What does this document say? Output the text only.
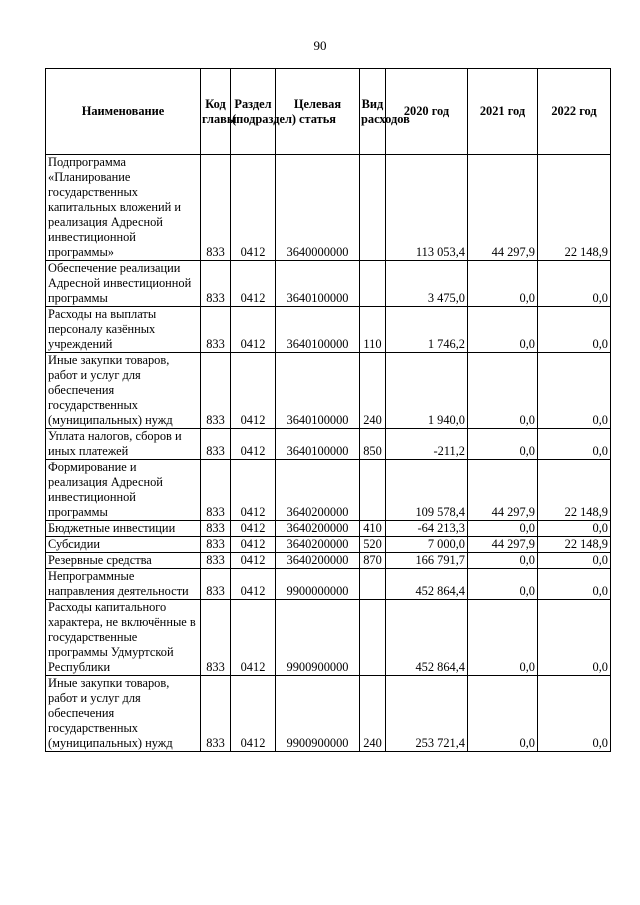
90
Наименование	Код главы	Раздел (подраздел)	Целевая статья	Вид расходов	2020 год	2021 год	2022 год
Подпрограмма «Планирование государственных капитальных вложений и реализация Адресной инвестиционной программы»	833	0412	3640000000		113 053,4	44 297,9	22 148,9
Обеспечение реализации Адресной инвестиционной программы	833	0412	3640100000		3 475,0	0,0	0,0
Расходы на выплаты персоналу казённых учреждений	833	0412	3640100000	110	1 746,2	0,0	0,0
Иные закупки товаров, работ и услуг для обеспечения государственных (муниципальных) нужд	833	0412	3640100000	240	1 940,0	0,0	0,0
Уплата налогов, сборов и иных платежей	833	0412	3640100000	850	-211,2	0,0	0,0
Формирование и реализация Адресной инвестиционной программы	833	0412	3640200000		109 578,4	44 297,9	22 148,9
Бюджетные инвестиции	833	0412	3640200000	410	-64 213,3	0,0	0,0
Субсидии	833	0412	3640200000	520	7 000,0	44 297,9	22 148,9
Резервные средства	833	0412	3640200000	870	166 791,7	0,0	0,0
Непрограммные направления деятельности	833	0412	9900000000		452 864,4	0,0	0,0
Расходы капитального характера, не включённые в государственные программы Удмуртской Республики	833	0412	9900900000		452 864,4	0,0	0,0
Иные закупки товаров, работ и услуг для обеспечения государственных (муниципальных) нужд	833	0412	9900900000	240	253 721,4	0,0	0,0
